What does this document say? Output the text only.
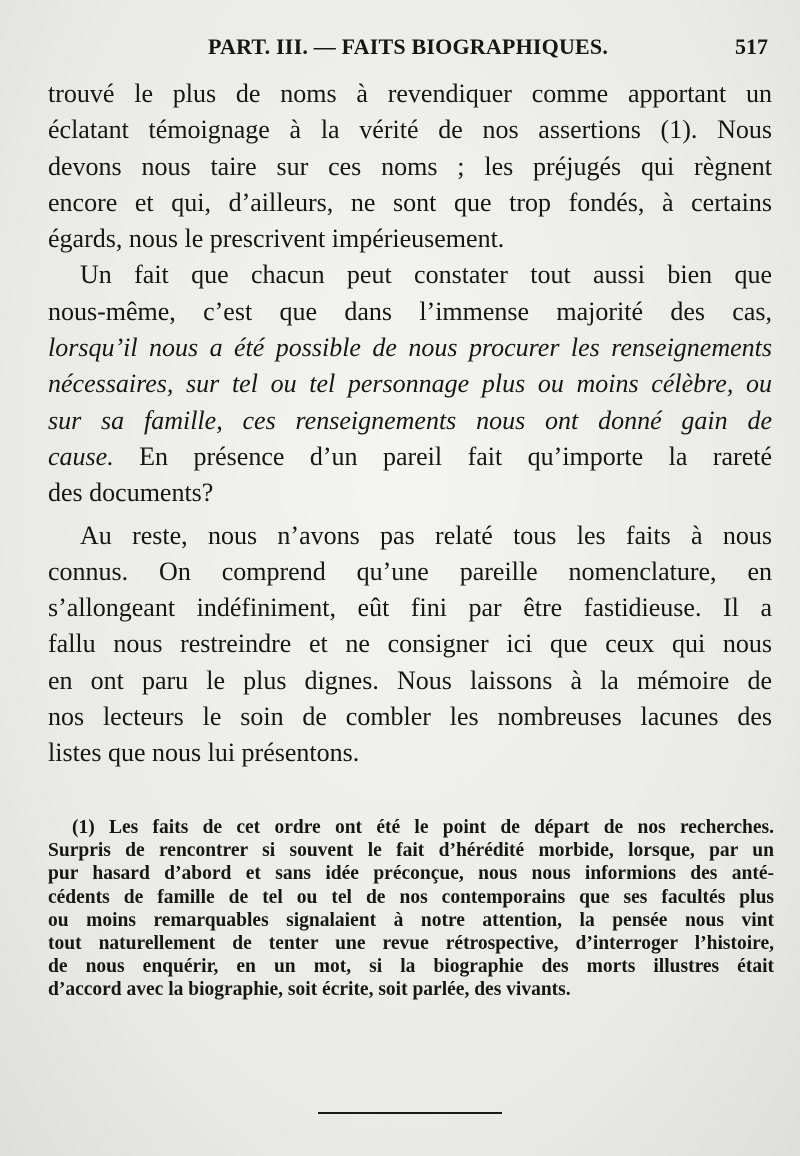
PART. III. — FAITS BIOGRAPHIQUES.	517
trouvé le plus de noms à revendiquer comme apportant un
éclatant témoignage à la vérité de nos assertions (1). Nous
devons nous taire sur ces noms ; les préjugés qui règnent
encore et qui, d’ailleurs, ne sont que trop fondés, à certains
égards, nous le prescrivent impérieusement.
Un fait que chacun peut constater tout aussi bien que
nous-même, c’est que dans l’immense majorité des cas,
lorsqu’il nous a été possible de nous procurer les renseignements
nécessaires, sur tel ou tel personnage plus ou moins célèbre, ou
sur sa famille, ces renseignements nous ont donné gain de
cause. En présence d’un pareil fait qu’importe la rareté
des documents?
Au reste, nous n’avons pas relaté tous les faits à nous
connus. On comprend qu’une pareille nomenclature, en
s’allongeant indéfiniment, eût fini par être fastidieuse. Il a
fallu nous restreindre et ne consigner ici que ceux qui nous
en ont paru le plus dignes. Nous laissons à la mémoire de
nos lecteurs le soin de combler les nombreuses lacunes des
listes que nous lui présentons.
(1) Les faits de cet ordre ont été le point de départ de nos recherches.
Surpris de rencontrer si souvent le fait d’hérédité morbide, lorsque, par un
pur hasard d’abord et sans idée préconçue, nous nous informions des anté-
cédents de famille de tel ou tel de nos contemporains que ses facultés plus
ou moins remarquables signalaient à notre attention, la pensée nous vint
tout naturellement de tenter une revue rétrospective, d’interroger l’histoire,
de nous enquérir, en un mot, si la biographie des morts illustres était
d’accord avec la biographie, soit écrite, soit parlée, des vivants.
